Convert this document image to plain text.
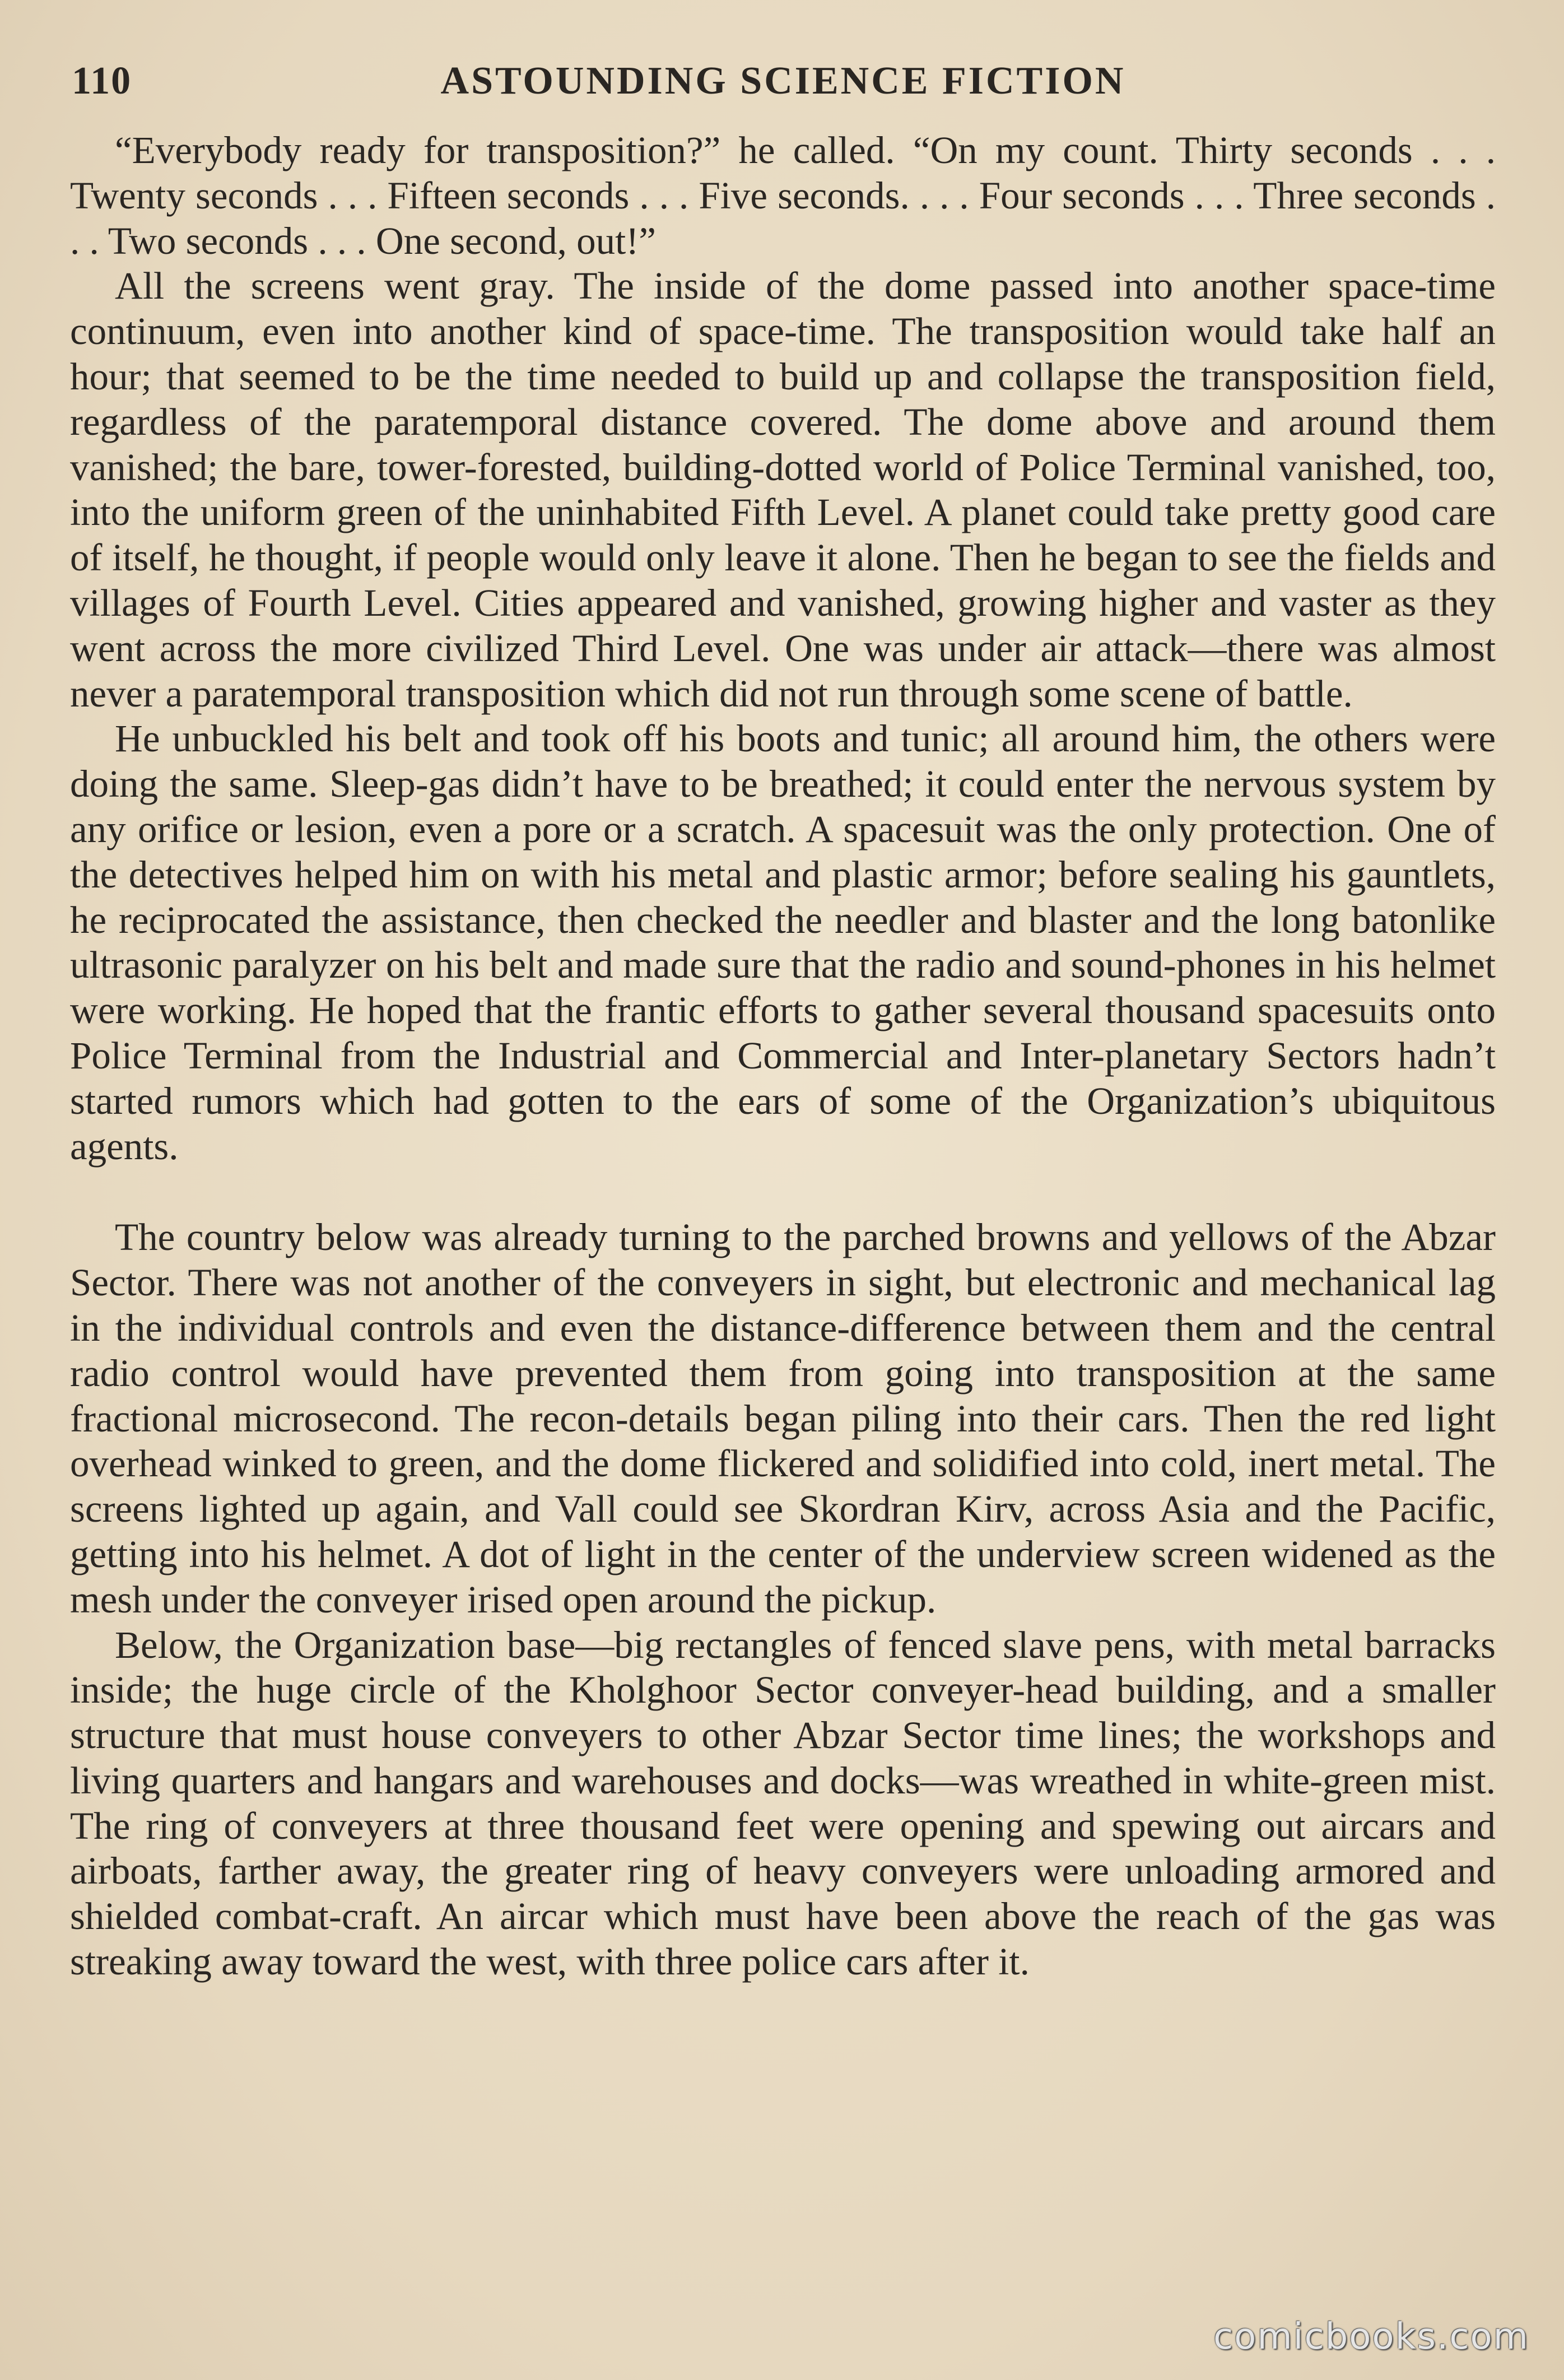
110	ASTOUNDING SCIENCE FICTION

“Everybody ready for transposition?” he called. “On my count. Thirty seconds . . . Twenty seconds . . . Fifteen seconds . . . Five seconds. . . . Four seconds . . . Three seconds . . . Two seconds . . . One second, out!”

All the screens went gray. The inside of the dome passed into another space-time continuum, even into another kind of space-time. The transposition would take half an hour; that seemed to be the time needed to build up and collapse the transposition field, regardless of the paratemporal distance covered. The dome above and around them vanished; the bare, tower-forested, building-dotted world of Police Terminal vanished, too, into the uniform green of the uninhabited Fifth Level. A planet could take pretty good care of itself, he thought, if people would only leave it alone. Then he began to see the fields and villages of Fourth Level. Cities appeared and vanished, growing higher and vaster as they went across the more civilized Third Level. One was under air attack—there was almost never a paratemporal transposition which did not run through some scene of battle.

He unbuckled his belt and took off his boots and tunic; all around him, the others were doing the same. Sleep-gas didn’t have to be breathed; it could enter the nervous system by any orifice or lesion, even a pore or a scratch. A spacesuit was the only protection. One of the detectives helped him on with his metal and plastic armor; before sealing his gauntlets, he reciprocated the assistance, then checked the needler and blaster and the long batonlike ultrasonic paralyzer on his belt and made sure that the radio and sound-phones in his helmet were working. He hoped that the frantic efforts to gather several thousand spacesuits onto Police Terminal from the Industrial and Commercial and Inter-planetary Sectors hadn’t started rumors which had gotten to the ears of some of the Organization’s ubiquitous agents.

The country below was already turning to the parched browns and yellows of the Abzar Sector. There was not another of the conveyers in sight, but electronic and mechanical lag in the individual controls and even the distance-difference between them and the central radio control would have prevented them from going into transposition at the same fractional microsecond. The recon-details began piling into their cars. Then the red light overhead winked to green, and the dome flickered and solidified into cold, inert metal. The screens lighted up again, and Vall could see Skordran Kirv, across Asia and the Pacific, getting into his helmet. A dot of light in the center of the underview screen widened as the mesh under the conveyer irised open around the pickup.

Below, the Organization base—big rectangles of fenced slave pens, with metal barracks inside; the huge circle of the Kholghoor Sector conveyer-head building, and a smaller structure that must house conveyers to other Abzar Sector time lines; the workshops and living quarters and hangars and warehouses and docks—was wreathed in white-green mist. The ring of conveyers at three thousand feet were opening and spewing out aircars and airboats, farther away, the greater ring of heavy conveyers were unloading armored and shielded combat-craft. An aircar which must have been above the reach of the gas was streaking away toward the west, with three police cars after it.

comicbooks.com
